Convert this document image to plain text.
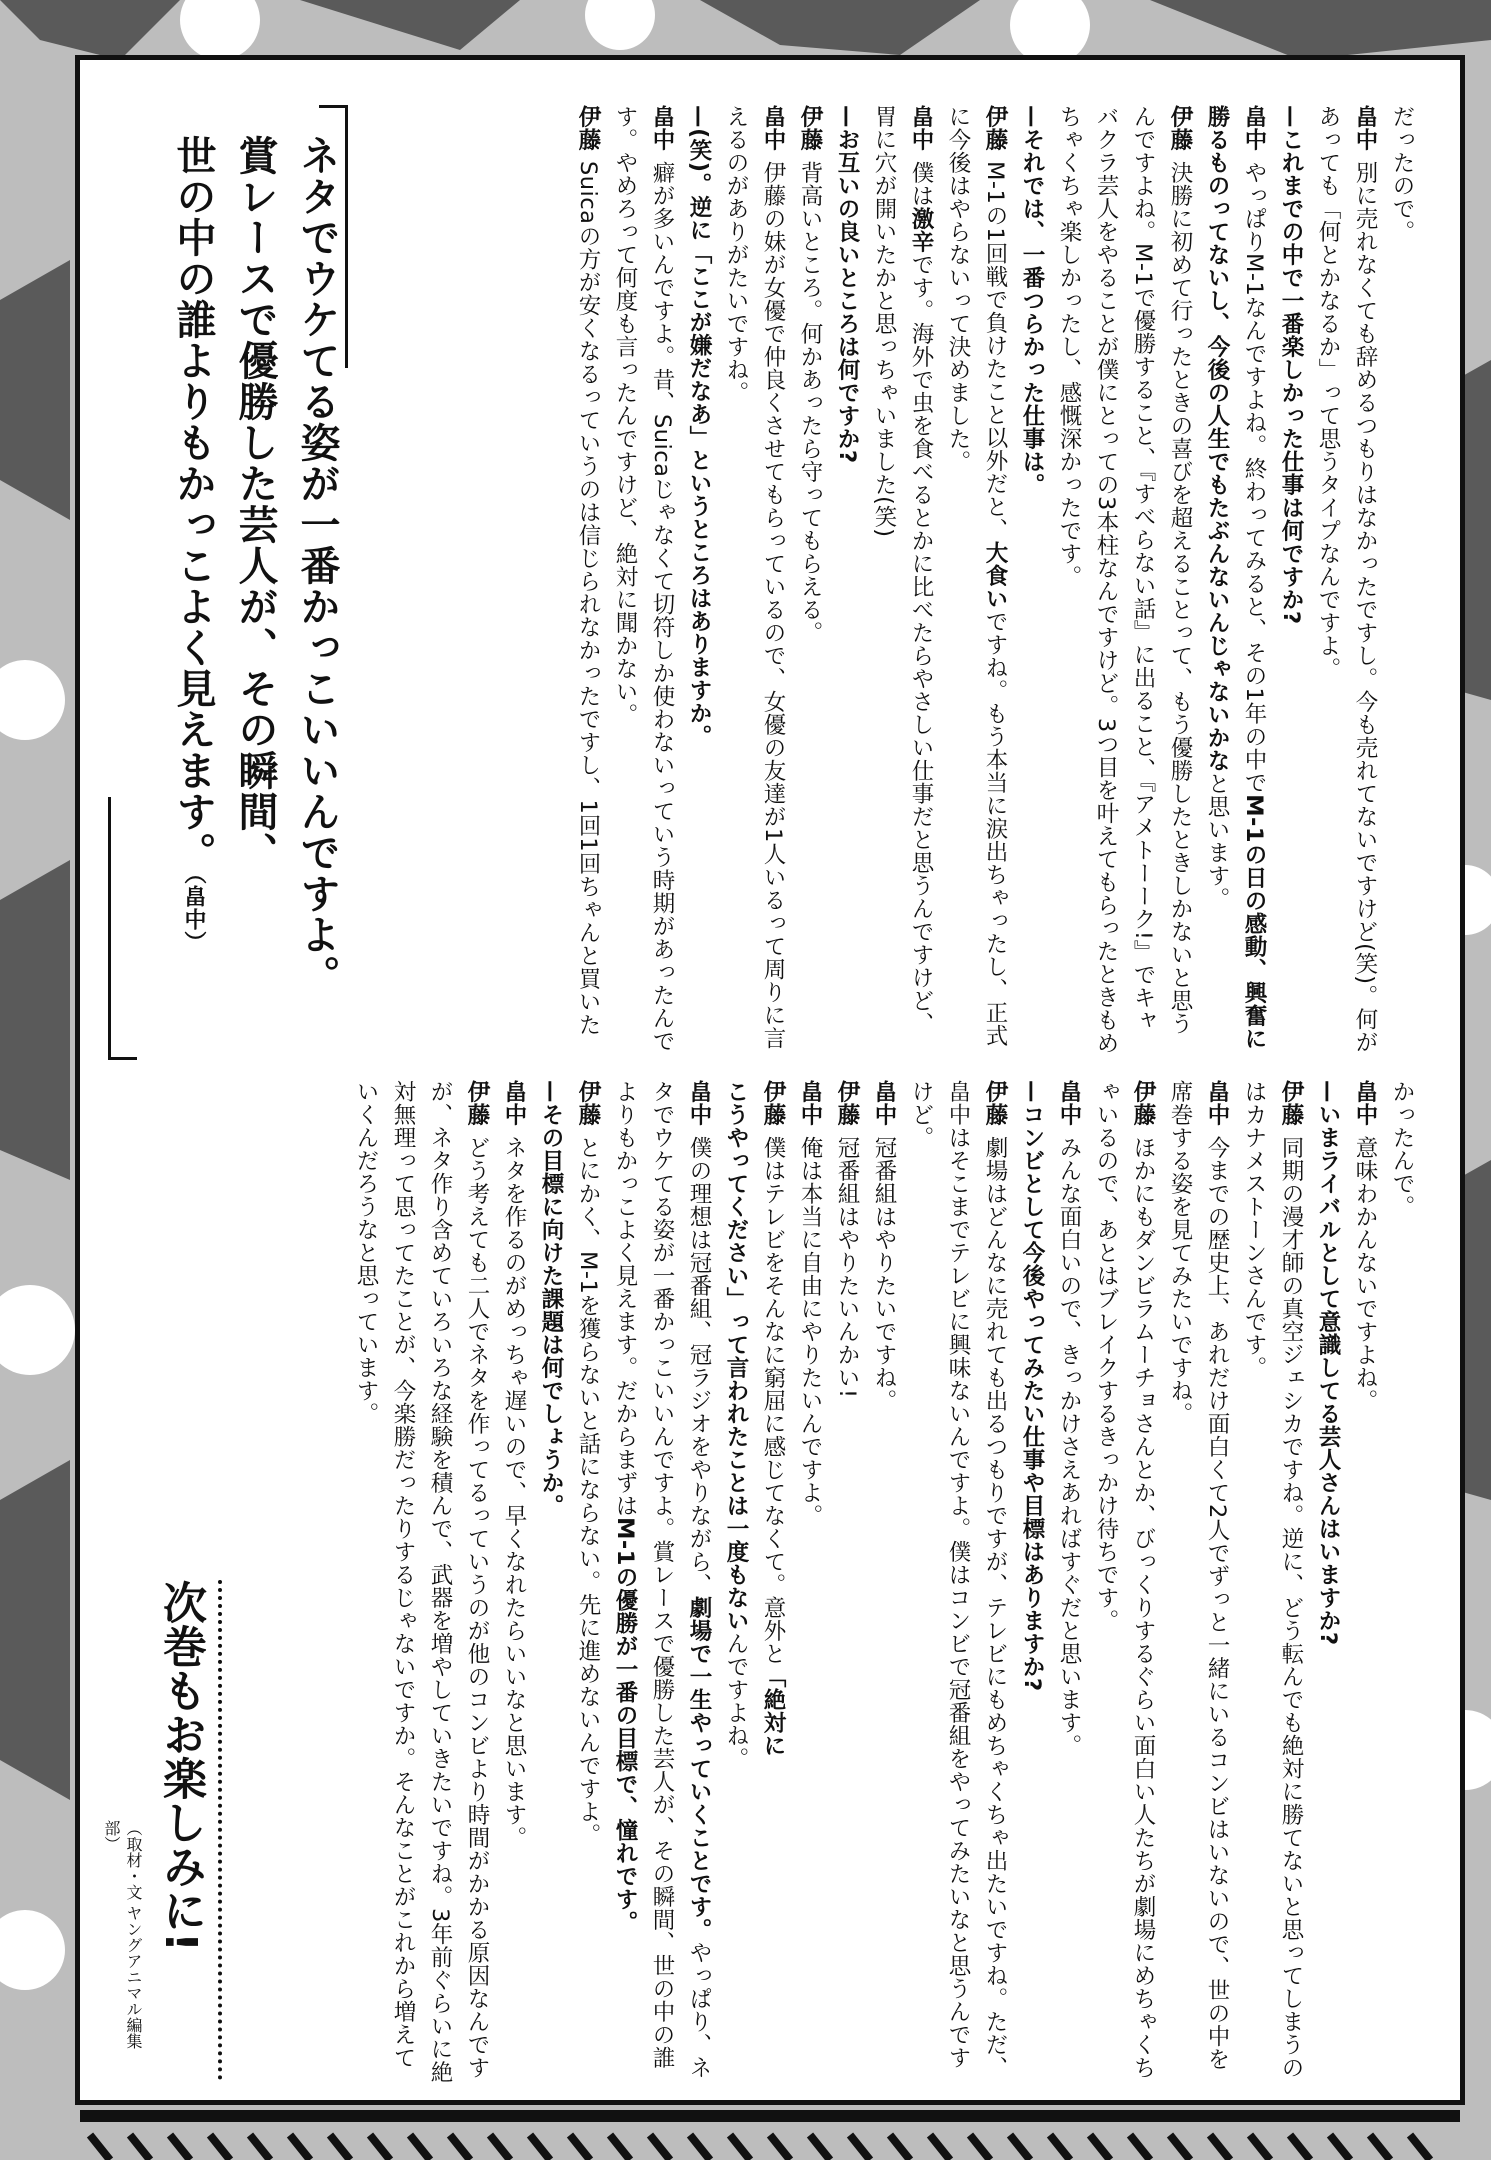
ネタでウケてる姿が一番かっこいいんですよ。
賞レースで優勝した芸人が、その瞬間、
世の中の誰よりもかっこよく見えます。（畠中）

だったので。

畠中別に売れなくても辞めるつもりはなかったですし。今も売れてないですけど(笑)。何があっても「何とかなるか」って思うタイプなんですよ。

—これまでの中で一番楽しかった仕事は何ですか?

畠中やっぱりM-1なんですよね。終わってみると、その1年の中でM-1の日の感動、興奮に勝るものってないし、今後の人生でもたぶんないんじゃないかなと思います。

伊藤決勝に初めて行ったときの喜びを超えることって、もう優勝したときしかないと思うんですよね。M-1で優勝すること、『すべらない話』に出ること、『アメトーーク!』でキャバクラ芸人をやることが僕にとっての3本柱なんですけど。3つ目を叶えてもらったときもめちゃくちゃ楽しかったし、感慨深かったです。

—それでは、一番つらかった仕事は。

伊藤M-1の1回戦で負けたこと以外だと、大食いですね。もう本当に涙出ちゃったし、正式に今後はやらないって決めました。

畠中僕は激辛です。海外で虫を食べるとかに比べたらやさしい仕事だと思うんですけど、胃に穴が開いたかと思っちゃいました(笑)

—お互いの良いところは何ですか?

伊藤背高いところ。何かあったら守ってもらえる。

畠中伊藤の妹が女優で仲良くさせてもらっているので、女優の友達が1人いるって周りに言えるのがありがたいですね。

—(笑)。逆に「ここが嫌だなあ」というところはありますか。

畠中癖が多いんですよ。昔、Suicaじゃなくて切符しか使わないっていう時期があったんです。やめろって何度も言ったんですけど、絶対に聞かない。

伊藤Suicaの方が安くなるっていうのは信じられなかったですし、1回1回ちゃんと買いた

かったんで。

畠中意味わかんないですよね。

—いまライバルとして意識してる芸人さんはいますか?

伊藤同期の漫才師の真空ジェシカですね。逆に、どう転んでも絶対に勝てないと思ってしまうのはカナメストーンさんです。

畠中今までの歴史上、あれだけ面白くて2人でずっと一緒にいるコンビはいないので、世の中を席巻する姿を見てみたいですね。

伊藤ほかにもダンビラムーチョさんとか、びっくりするぐらい面白い人たちが劇場にめちゃくちゃいるので、あとはブレイクするきっかけ待ちです。

畠中みんな面白いので、きっかけさえあればすぐだと思います。

—コンビとして今後やってみたい仕事や目標はありますか?

伊藤劇場はどんなに売れても出るつもりですが、テレビにもめちゃくちゃ出たいですね。ただ、畠中はそこまでテレビに興味ないんですよ。僕はコンビで冠番組をやってみたいなと思うんですけど。

畠中冠番組はやりたいですね。

伊藤冠番組はやりたいんかい!

畠中俺は本当に自由にやりたいんですよ。

伊藤僕はテレビをそんなに窮屈に感じてなくて。意外と「絶対に

こうやってください」って言われたことは一度もないんですよね。

畠中僕の理想は冠番組、冠ラジオをやりながら、劇場で一生やっていくことです。やっぱり、ネタでウケてる姿が一番かっこいいんですよ。賞レースで優勝した芸人が、その瞬間、世の中の誰よりもかっこよく見えます。だからまずはM-1の優勝が一番の目標で、憧れです。

伊藤とにかく、M-1を獲らないと話にならない。先に進めないんですよ。

—その目標に向けた課題は何でしょうか。

畠中ネタを作るのがめっちゃ遅いので、早くなれたらいいなと思います。

伊藤どう考えても二人でネタを作ってるっていうのが他のコンビより時間がかかる原因なんですが、ネタ作り含めていろいろな経験を積んで、武器を増やしていきたいですね。3年前ぐらいに絶対無理って思ってたことが、今楽勝だったりするじゃないですか。そんなことがこれから増えていくんだろうなと思っています。

次巻もお楽しみに!
（取材・文 ヤングアニマル編集部）
